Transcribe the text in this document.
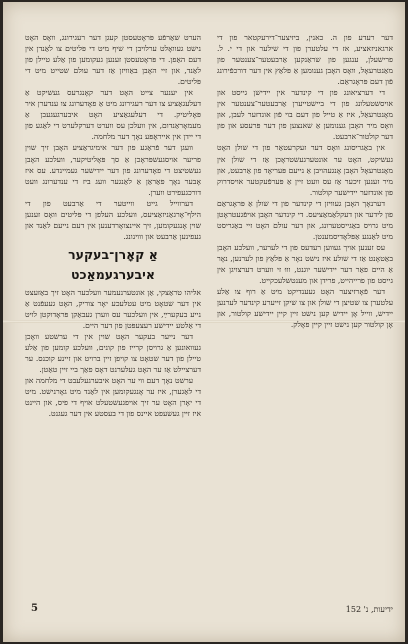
דער רעדע פון ה. כאנין, ביזיצער־דירעקטאר פון די ארגאניזאציע, אז די עלטערן פון די שילער און די י. ל. פרישעלן, ענגען פון שראַנקען אַרבעטער־צענטער פון מאַנטרעאָל, וואָס האָבן גענומען אַ פּלאַץ אין דער דורכפֿירונג פֿון דעם פּראָגראַם.

די דערציאונג פון די קינדער אין יידישן גייסט און אויסשטעלונג פון די ביישטייערן אַרבעטער־צענטער אין מאָנטרעאַל, איז אַ טייל פון דעם בוי פֿון אונדזער לעבן, און וואָס מיר האָבן גענומען אַ שאנצען פון דער פּרעסע און פון דער קולטור־ארבעט.

אין באַגריסונג וואָס דער זעקרעטאַר פון די שולן האָט געשיקט, האָט ער אונטערגעשטראָכן אַז די שולן אין מאָנטרעאָל האָבן אָנגעהויבן אַ נייעם פּעריאָד פון אַרבעט, און מיר זענען זיכער אַז עס וועט זיין אַ פּערפֿעקטער אויסדרוק פון אונדזער יידישער קולטור.

דערנאָך האָבן געוויזן די קינדער פון די שולן אַ פּראָגראַם פון לידער און דעקלאַמאַציעס. די קינדער האָבן אויפֿגעטראָטן מיט גרויס באַגייסטערונג, און דער עולם האָט זיי באַגריסט מיט לאַנגע אַפּלאָדיסמענטן.

עס זענען אויך געווען רעדעס פון די לערער, וועלכע האָבן באַטאָנט אַז די שולע איז נישט נאָר אַ פּלאַץ פון לערנען, נאָר אַ היים פאַר דער יידישער יוגנט, וווּ זי ווערט דערצויגן אין גייסט פון פרייהייט, פרידן און מענטשלעכקייט.

דער פֿאָרזיצער האָט געענדיקט מיט אַ רוף צו אַלע עלטערן צו שטיצן די שולן און צו שיקן זייערע קינדער לערנען יידיש, ווייל אָן יידיש קען נישט זיין קיין יידישע קולטור, און אָן קולטור קען נישט זיין קיין פאָלק.

הערט שאַרפֿע פּראָטעסטן קעגן דער רעגירונג, וואָס האָט נישט געוואָלט ערלויבן די שיף מיט די פּליטים צו לאַנדן אין דעם האַפן. די פּראָטעסטן זענען געקומען פון אַלע טיילן פון לאַנד, און זיי האָבן באַוויזן אַז דער עולם שטייט מיט די פּליטים.

אין יענער צייט האָט דער קאָנגרעס געשיקט אַ דעלעגאַציע צו דער רעגירונג מיט אַ פאָדערונג צו ענדערן איר פּאָליטיק. די דעלעגאַציע האָט איבערגעגעבן אַ מעמאָראַנדום, אין וועלכן עס ווערט דערקלערט די לאַגע פון די יידן אין אייראָפּע נאָך דער מלחמה.

וועגן דער פֿראַגע פון דער אימיגראַציע האָבן זיך שוין פריער אויסגעשפּראָכן אַ סך פּאָליטיקער, וועלכע האָבן געשטיצט די פאָדערונג פון דער יידישער געמיינדע. עס איז אָבער נאָך פאַראַן אַ לאַנגער וועג ביז די ענדערונג וועט דורכגעפירט ווערן.

דערווייל גייט ווייטער די אַרבעט פון די הילף־אָרגאַניזאַציעס, וועלכע העלפן די פּליטים וואָס זענען שוין אָנגעקומען, זיך איינצואָרדענען אין דעם נייעם לאַנד און געפינען אַרבעט און וווינונג.

אַ קאָרן־בעקער איבערגעמאַכט

אליהו טראַצקי, אַן אונטערנעמער וועלכער האָט זיך באַזעצט אין דער שטאָט מיט עטלעכע יאָר צוריק, האָט געעפֿנט אַ נייע בעקערײַ, אין וועלכער עס ווערן געבאַקן פּראָדוקטן לויט די אַלטע יידישע רעצעפּטן פון דער היים.

דער נייער בעקער האָט שוין אין די ערשטע וואָכן געוואונען אַ גרויסן קרייז פון קונים, וועלכע קומען פון אַלע טיילן פון דער שטאָט צו קויפן זיין ברויט און זיינע קוכנס. ער דערציילט אַז ער האָט געלערנט דאָס פאַך ביי זיין טאַטן.

ערשט נאָך דעם ווי ער האָט איבערגעלעבט די מלחמה און די לאַגערן, איז ער אָנגעקומען אין לאַנד מיט גאָרנישט. מיט די יאָרן האָט ער זיך אויפגעשטעלט אויף די פיס, און היינט איז זיין געשעפט איינס פון די בעסטע אין דער געגנט.

ידיעות, נ' 152
5
